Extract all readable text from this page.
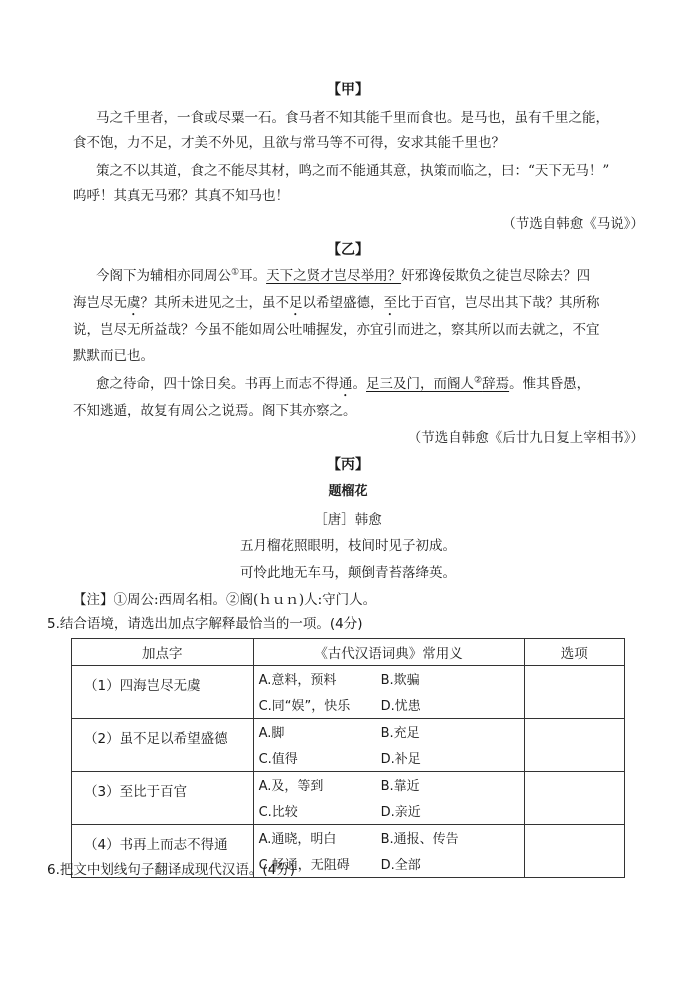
【甲】
马之千里者，一食或尽粟一石。食马者不知其能千里而食也。是马也，虽有千里之能，
食不饱，力不足，才美不外见，且欲与常马等不可得，安求其能千里也？
策之不以其道，食之不能尽其材，鸣之而不能通其意，执策而临之，曰：“天下无马！”
呜呼！其真无马邪？其真不知马也！
（节选自韩愈《马说》）
【乙】
今阁下为辅相亦同周公①耳。天下之贤才岂尽举用？奸邪谗佞欺负之徒岂尽除去？四
海岂尽无虞？其所未进见之士，虽不足以希望盛德，至比于百官，岂尽出其下哉？其所称
说，岂尽无所益哉？今虽不能如周公吐哺握发，亦宜引而进之，察其所以而去就之，不宜
默默而已也。
愈之待命，四十馀日矣。书再上而志不得通。足三及门，而阍人②辞焉。惟其昏愚，
不知逃遁，故复有周公之说焉。阁下其亦察之。
（节选自韩愈《后廿九日复上宰相书》）
【丙】
题榴花
［唐］韩愈
五月榴花照眼明，枝间时见子初成。
可怜此地无车马，颠倒青苔落绛英。
【注】①周公:西周名相。②阍(ｈｕｎ)人:守门人。
5.结合语境，请选出加点字解释最恰当的一项。(4分)
加点字	《古代汉语词典》常用义	选项

（1）四海岂尽无虞	A.意料，预料 B.欺骗
C.同“娱”，快乐 D.忧患	

（2）虽不足以希望盛德	A.脚 B.充足
C.值得 D.补足	

（3）至比于百官	A.及，等到 B.靠近
C.比较 D.亲近	

（4）书再上而志不得通	A.通晓，明白 B.通报、传告
C.畅通，无阻碍 D.全部	

6.把文中划线句子翻译成现代汉语。(4分)
